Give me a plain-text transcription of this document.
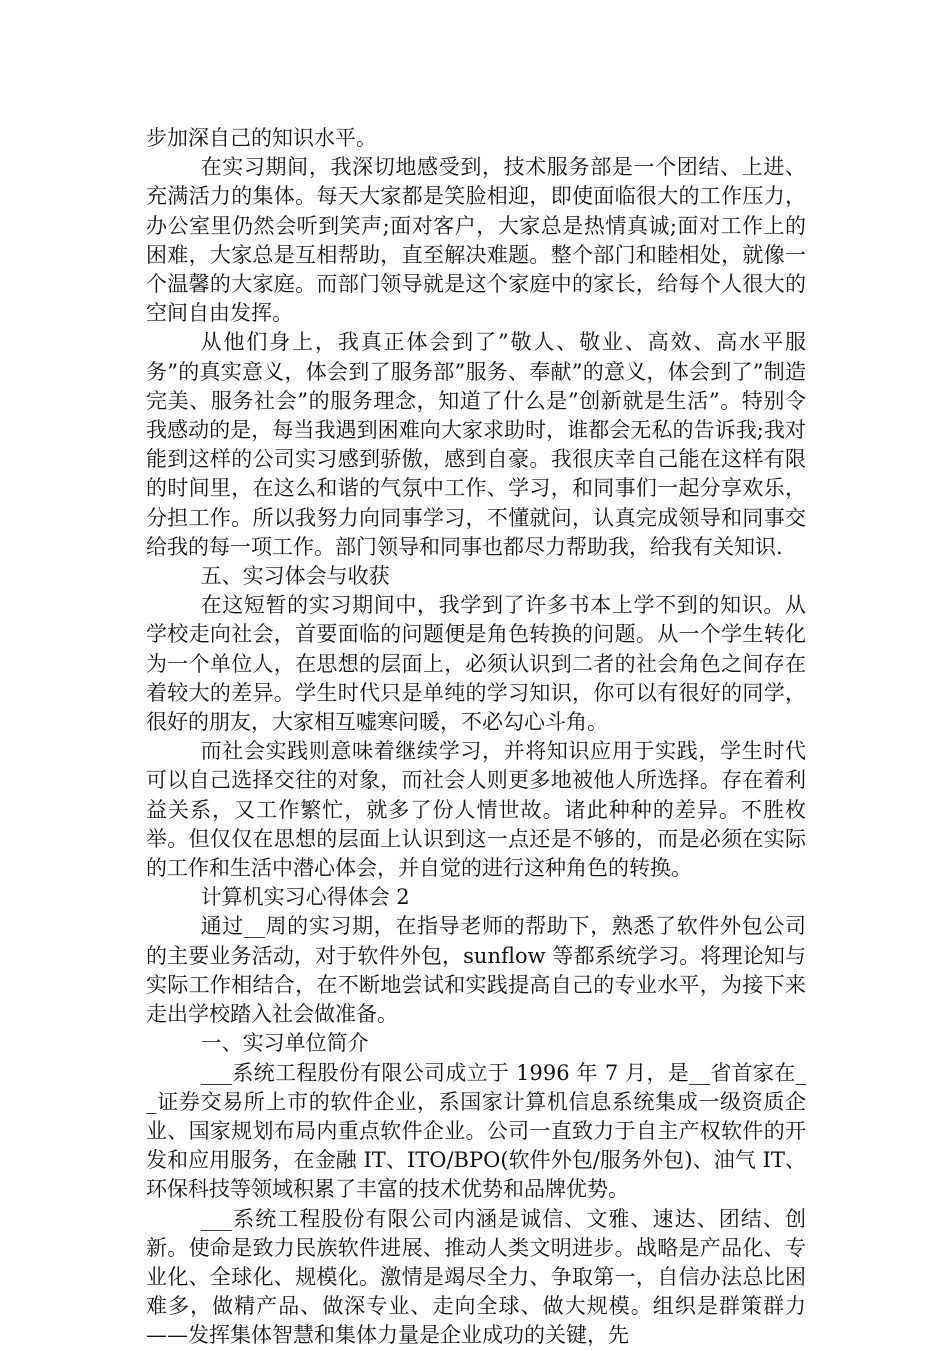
步加深自己的知识水平。

在实习期间，我深切地感受到，技术服务部是一个团结、上进、充满活力的集体。每天大家都是笑脸相迎，即使面临很大的工作压力，办公室里仍然会听到笑声;面对客户，大家总是热情真诚;面对工作上的困难，大家总是互相帮助，直至解决难题。整个部门和睦相处，就像一个温馨的大家庭。而部门领导就是这个家庭中的家长，给每个人很大的空间自由发挥。

从他们身上，我真正体会到了”敬人、敬业、高效、高水平服务”的真实意义，体会到了服务部”服务、奉献”的意义，体会到了”制造完美、服务社会”的服务理念，知道了什么是”创新就是生活”。特别令我感动的是，每当我遇到困难向大家求助时，谁都会无私的告诉我;我对能到这样的公司实习感到骄傲，感到自豪。我很庆幸自己能在这样有限的时间里，在这么和谐的气氛中工作、学习，和同事们一起分享欢乐，分担工作。所以我努力向同事学习，不懂就问，认真完成领导和同事交给我的每一项工作。部门领导和同事也都尽力帮助我，给我有关知识.

五、实习体会与收获

在这短暂的实习期间中，我学到了许多书本上学不到的知识。从学校走向社会，首要面临的问题便是角色转换的问题。从一个学生转化为一个单位人，在思想的层面上，必须认识到二者的社会角色之间存在着较大的差异。学生时代只是单纯的学习知识，你可以有很好的同学，很好的朋友，大家相互嘘寒问暖，不必勾心斗角。

而社会实践则意味着继续学习，并将知识应用于实践，学生时代可以自己选择交往的对象，而社会人则更多地被他人所选择。存在着利益关系，又工作繁忙，就多了份人情世故。诸此种种的差异。不胜枚举。但仅仅在思想的层面上认识到这一点还是不够的，而是必须在实际的工作和生活中潜心体会，并自觉的进行这种角色的转换。

计算机实习心得体会 2

通过__周的实习期，在指导老师的帮助下，熟悉了软件外包公司的主要业务活动，对于软件外包，sunflow 等都系统学习。将理论知与实际工作相结合，在不断地尝试和实践提高自己的专业水平，为接下来走出学校踏入社会做准备。

一、实习单位简介

___系统工程股份有限公司成立于 1996 年 7 月，是__省首家在__证券交易所上市的软件企业，系国家计算机信息系统集成一级资质企业、国家规划布局内重点软件企业。公司一直致力于自主产权软件的开发和应用服务，在金融 IT、ITO/BPO(软件外包/服务外包)、油气 IT、环保科技等领域积累了丰富的技术优势和品牌优势。

___系统工程股份有限公司内涵是诚信、文雅、速达、团结、创新。使命是致力民族软件进展、推动人类文明进步。战略是产品化、专业化、全球化、规模化。激情是竭尽全力、争取第一，自信办法总比困难多，做精产品、做深专业、走向全球、做大规模。组织是群策群力——发挥集体智慧和集体力量是企业成功的关键，先
